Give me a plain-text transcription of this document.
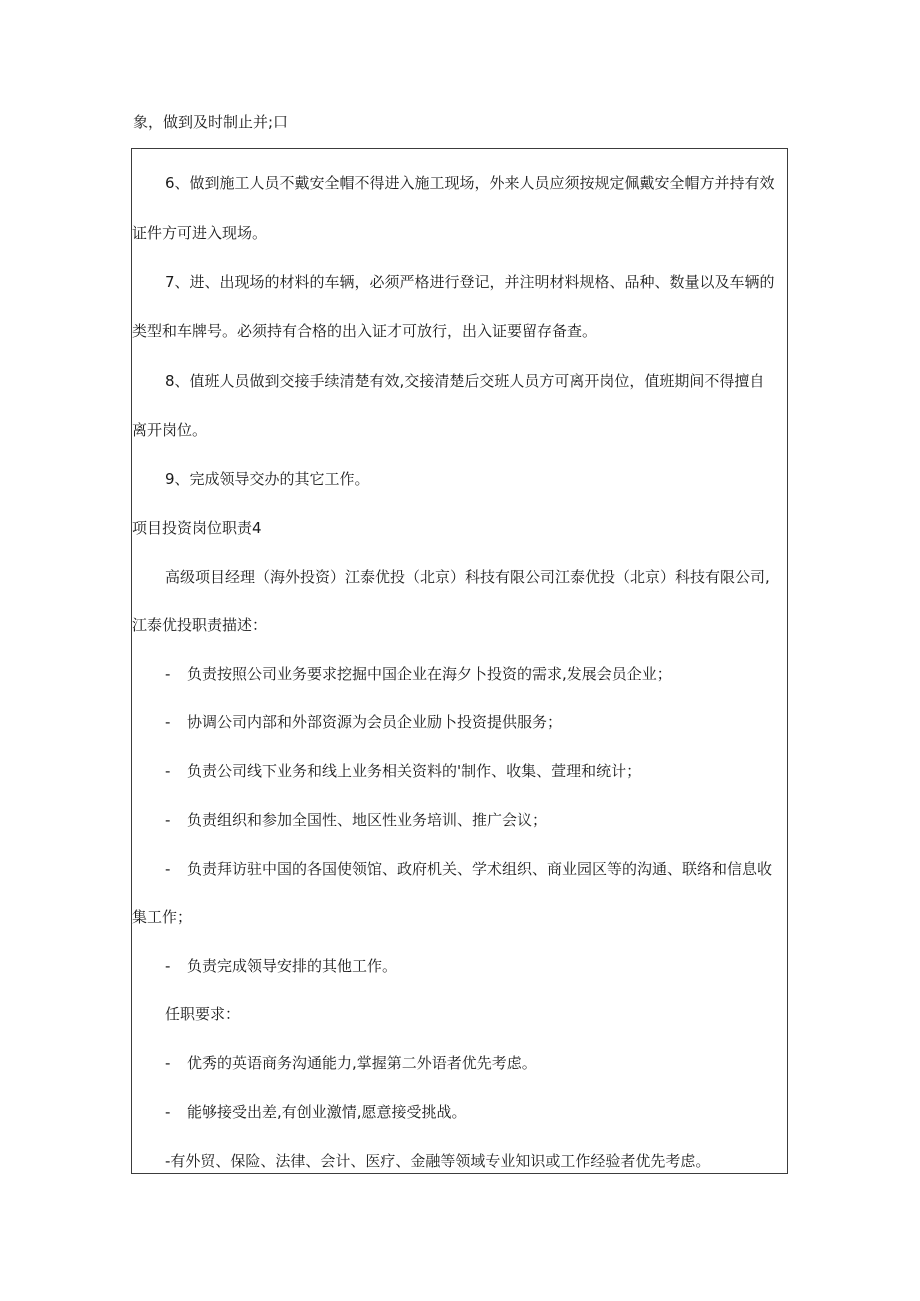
象，做到及时制止并;口
6、做到施工人员不戴安全帽不得进入施工现场，外来人员应须按规定佩戴安全帽方并持有效
证件方可进入现场。
7、进、出现场的材料的车辆，必须严格进行登记，并注明材料规格、品种、数量以及车辆的
类型和车牌号。必须持有合格的出入证才可放行，出入证要留存备查。
8、值班人员做到交接手续清楚有效,交接清楚后交班人员方可离开岗位，值班期间不得擅自
离开岗位。
9、完成领导交办的其它工作。
项目投资岗位职责4
高级项目经理（海外投资）江泰优投（北京）科技有限公司江泰优投（北京）科技有限公司,
江泰优投职责描述：
- 负责按照公司业务要求挖掘中国企业在海夕卜投资的需求,发展会员企业；
- 协调公司内部和外部资源为会员企业励卜投资提供服务；
- 负责公司线下业务和线上业务相关资料的'制作、收集、萱理和统计；
- 负责组织和参加全国性、地区性业务培训、推广会议；
- 负责拜访驻中国的各国使领馆、政府机关、学术组织、商业园区等的沟通、联络和信息收
集工作；
- 负责完成领导安排的其他工作。
任职要求：
- 优秀的英语商务沟通能力,掌握第二外语者优先考虑。
- 能够接受出差,有创业激情,愿意接受挑战。
-有外贸、保险、法律、会计、医疗、金融等领域专业知识或工作经验者优先考虑。
